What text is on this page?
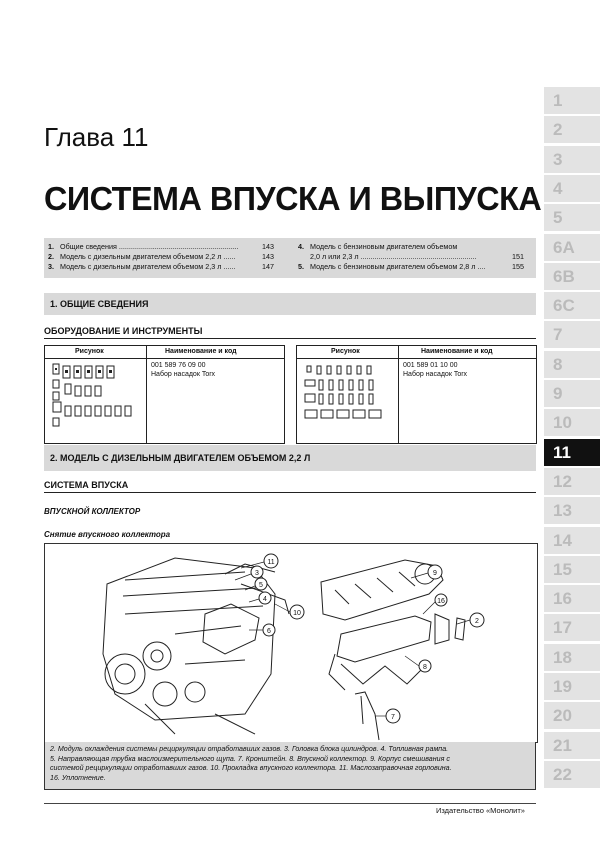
Глава 11
СИСТЕМА ВПУСКА И ВЫПУСКА
1. Общие сведения ............................................................	143
2. Модель с дизельным двигателем объемом 2,2 л ......	143
3. Модель с дизельным двигателем объемом 2,3 л ......	147
4. Модель с бензиновым двигателем объемом
2,0 л или 2,3 л ..........................................................	151
5. Модель с бензиновым двигателем объемом 2,8 л ....	155
1. ОБЩИЕ СВЕДЕНИЯ
ОБОРУДОВАНИЕ И ИНСТРУМЕНТЫ
Рисунок	Наименование и код
001 589 76 09 00
Набор насадок Torx
Рисунок	Наименование и код
001 589 01 10 00
Набор насадок Torx
2. МОДЕЛЬ С ДИЗЕЛЬНЫМ ДВИГАТЕЛЕМ ОБЪЕМОМ 2,2 Л
СИСТЕМА ВПУСКА
ВПУСКНОЙ КОЛЛЕКТОР
Снятие впускного коллектора
11
3
5
4
10
6
9
16
2
8
7
2. Модуль охлаждения системы рециркуляции отработавших газов. 3. Головка блока цилиндров. 4. Топливная рампа.
5. Направляющая трубка маслоизмерительного щупа. 7. Кронштейн. 8. Впускной коллектор. 9. Корпус смешивания с
системой рециркуляции отработавших газов. 10. Прокладка впускного коллектора. 11. Маслозаправочная горловина.
16. Уплотнение.
Издательство «Монолит»
1
2
3
4
5
6A
6B
6C
7
8
9
10
11
12
13
14
15
16
17
18
19
20
21
22
